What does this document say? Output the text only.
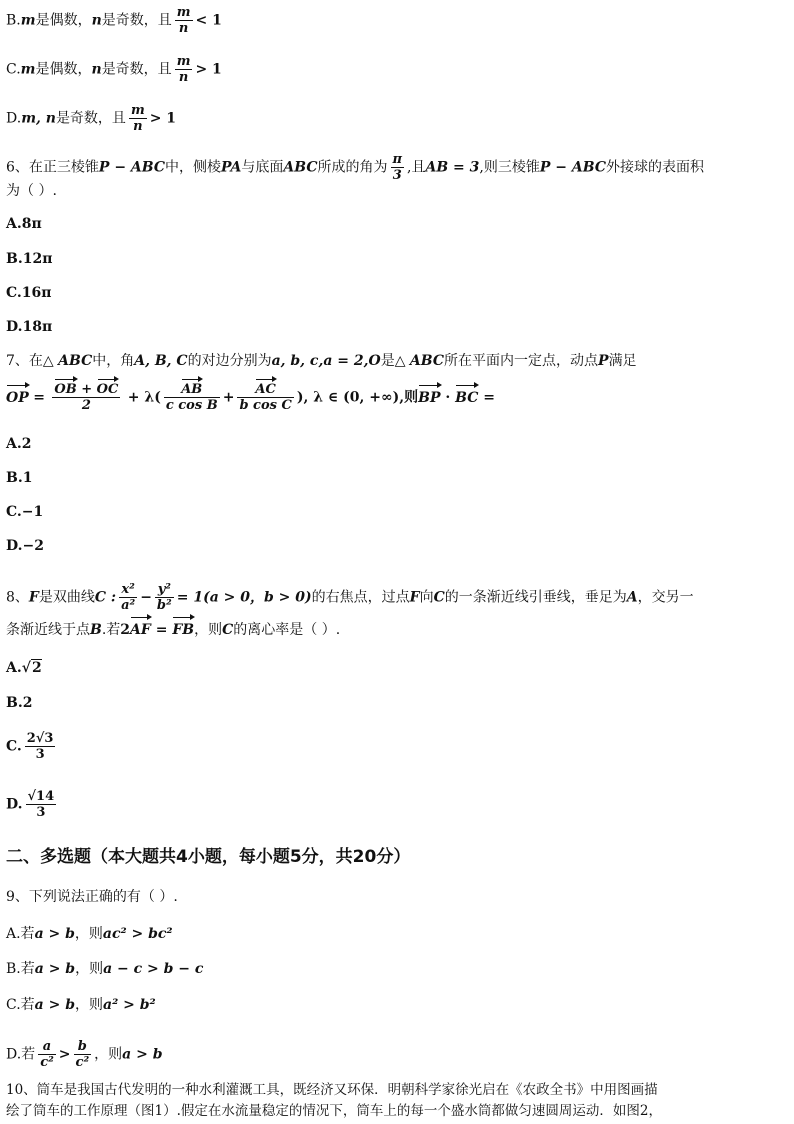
B.m是偶数，n是奇数，且 $\frac{m}{n} < 1$
C.m是偶数，n是奇数，且 $\frac{m}{n} > 1$
D.m, n是奇数，且 $\frac{m}{n} > 1$
6、在正三棱锥P − ABC中，侧棱PA与底面ABC所成的角为 $\frac{\pi}{3}$ ,且AB = 3,则三棱锥P − ABC外接球的表面积
为（ ）.
A.8π
B.12π
C.16π
D.18π
7、在△ ABC中，角A, B, C的对边分别为a, b, c,a = 2,O是△ ABC所在平面内一定点，动点P满足
OP = $\frac{OB + OC}{2} + \lambda( \frac{AB}{\text{c cos B}} + \frac{AC}{\text{b cos C}}$ ), λ ∈ (0, +∞),则BP · BC =
A.2
B.1
C.−1
D.−2
8、F是双曲线C : $\frac{\text{x²}}{\text{a²}} - \frac{\text{y²}}{\text{b²}} = 1(a > 0$，b > 0)的右焦点，过点F向C的一条渐近线引垂线，垂足为A，交另一
条渐近线于点B.若2AF = FB，则C的离心率是（ ）.
A.√2
B.2
C. $\frac{2√3}{3}$
D. $\frac{√14}{3}$
二、多选题（本大题共4小题，每小题5分，共20分）
9、下列说法正确的有（ ）.
A.若a > b，则ac² > bc²
B.若a > b，则a − c > b − c
C.若a > b，则a² > b²
D.若 $\frac{a}{\text{c²}} > \frac{b}{\text{c²}}$ ，则a > b
10、筒车是我国古代发明的一种水利灌溉工具，既经济又环保．明朝科学家徐光启在《农政全书》中用图画描
绘了筒车的工作原理（图1）.假定在水流量稳定的情况下，筒车上的每一个盛水筒都做匀速圆周运动．如图2，
